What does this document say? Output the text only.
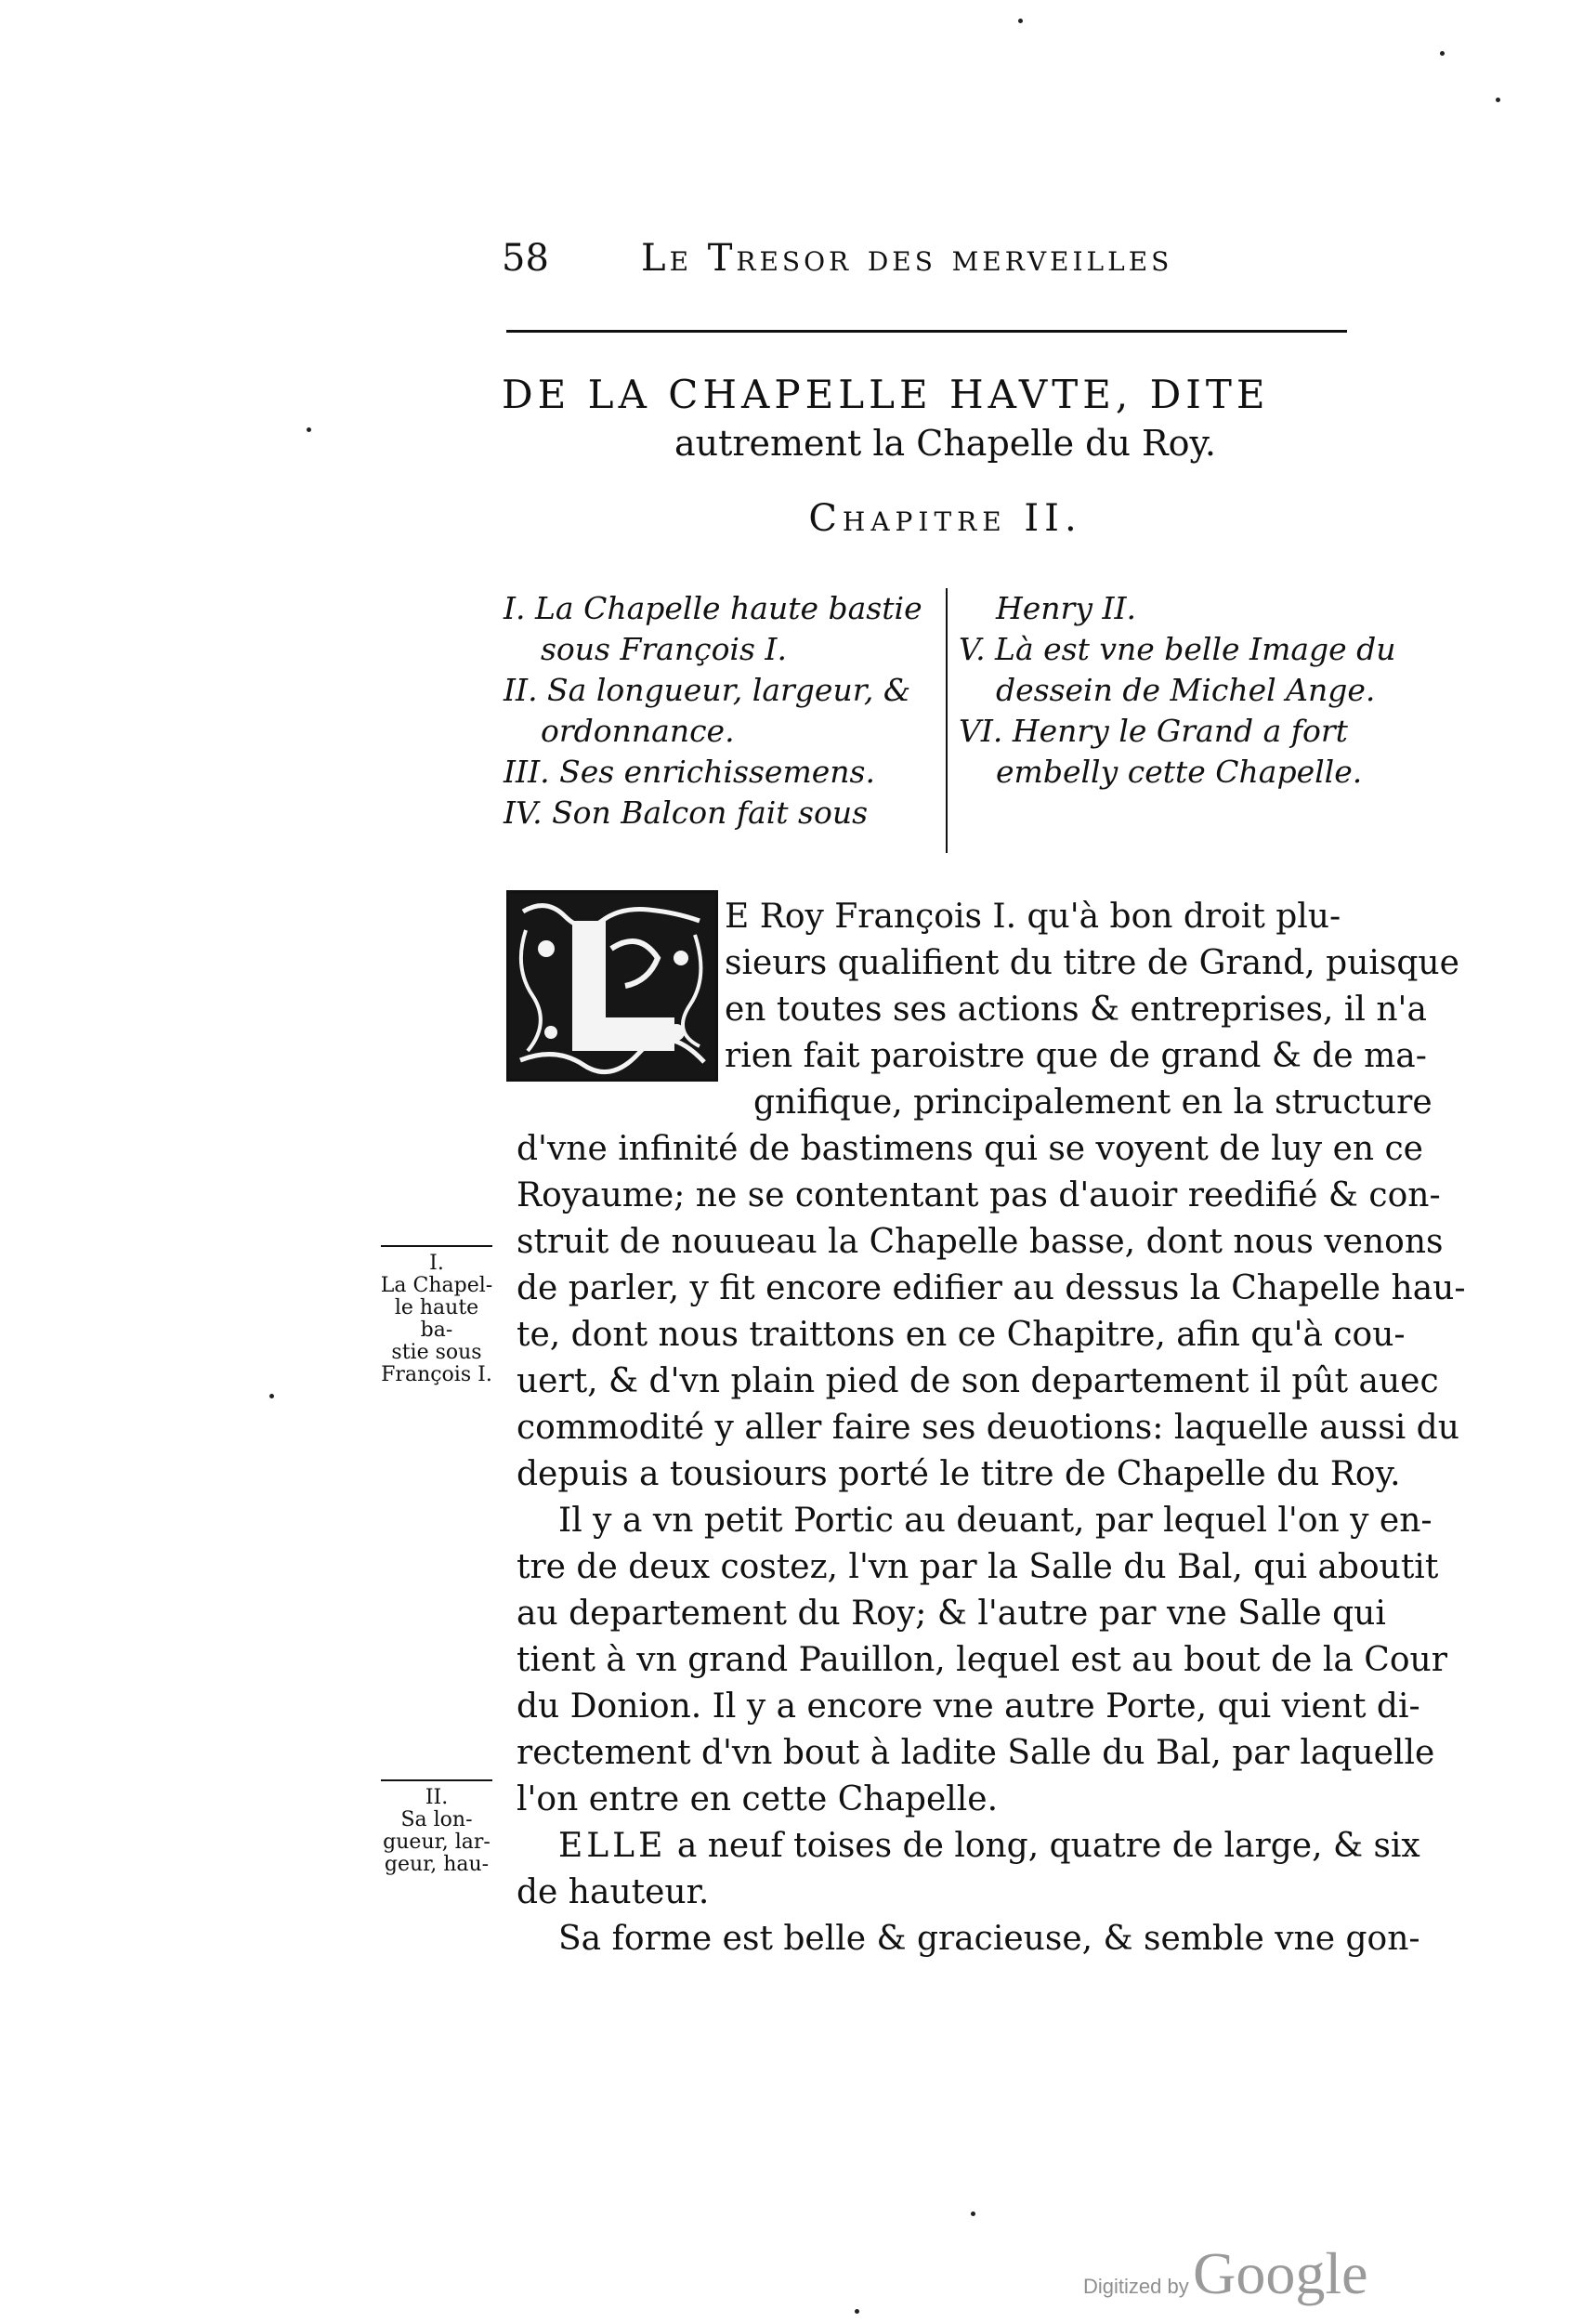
58 Le Tresor des merveilles
DE LA CHAPELLE HAVTE, DITE
autrement la Chapelle du Roy.
Chapitre II.
I. La Chapelle haute bastie
sous François I.
II. Sa longueur, largeur, &
ordonnance.
III. Ses enrichissemens.
IV. Son Balcon fait sous
Henry II.
V. Là est vne belle Image du
dessein de Michel Ange.
VI. Henry le Grand a fort
embelly cette Chapelle.
E Roy François I. qu'à bon droit plu-
sieurs qualifient du titre de Grand, puisque
en toutes ses actions & entreprises, il n'a
rien fait paroistre que de grand & de ma-
gnifique, principalement en la structure
d'vne infinité de bastimens qui se voyent de luy en ce
Royaume; ne se contentant pas d'auoir reedifié & con-
struit de nouueau la Chapelle basse, dont nous venons
de parler, y fit encore edifier au dessus la Chapelle hau-
te, dont nous traittons en ce Chapitre, afin qu'à cou-
uert, & d'vn plain pied de son departement il pût auec
commodité y aller faire ses deuotions: laquelle aussi du
depuis a tousiours porté le titre de Chapelle du Roy.
Il y a vn petit Portic au deuant, par lequel l'on y en-
tre de deux costez, l'vn par la Salle du Bal, qui aboutit
au departement du Roy; & l'autre par vne Salle qui
tient à vn grand Pauillon, lequel est au bout de la Cour
du Donion. Il y a encore vne autre Porte, qui vient di-
rectement d'vn bout à ladite Salle du Bal, par laquelle
l'on entre en cette Chapelle.
ELLE a neuf toises de long, quatre de large, & six
de hauteur.
Sa forme est belle & gracieuse, & semble vne gon-
I.
La Chapel-
le haute ba-
stie sous
François I.
II.
Sa lon-
gueur, lar-
geur, hau-
Digitized by Google
